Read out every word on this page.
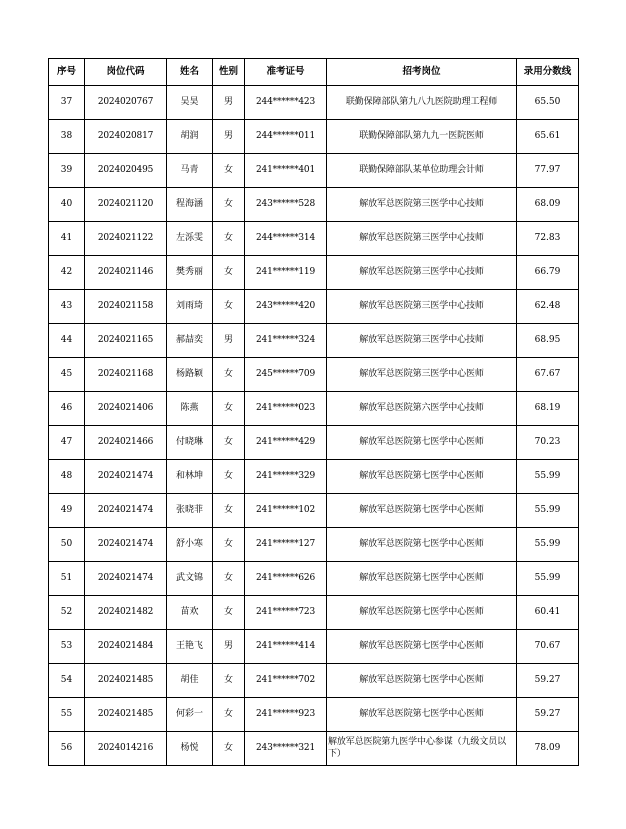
序号	岗位代码	姓名	性别	准考证号	招考岗位	录用分数线
37	2024020767	吴昊	男	244******423	联勤保障部队第九八九医院助理工程师	65.50
38	2024020817	胡润	男	244******011	联勤保障部队第九九一医院医师	65.61
39	2024020495	马青	女	241******401	联勤保障部队某单位助理会计师	77.97
40	2024021120	程海涵	女	243******528	解放军总医院第三医学中心技师	68.09
41	2024021122	左泺雯	女	244******314	解放军总医院第三医学中心技师	72.83
42	2024021146	樊秀丽	女	241******119	解放军总医院第三医学中心技师	66.79
43	2024021158	刘雨琦	女	243******420	解放军总医院第三医学中心技师	62.48
44	2024021165	郝喆奕	男	241******324	解放军总医院第三医学中心技师	68.95
45	2024021168	杨路颖	女	245******709	解放军总医院第三医学中心医师	67.67
46	2024021406	陈燕	女	241******023	解放军总医院第六医学中心技师	68.19
47	2024021466	付晓琳	女	241******429	解放军总医院第七医学中心医师	70.23
48	2024021474	和林坤	女	241******329	解放军总医院第七医学中心医师	55.99
49	2024021474	张晓菲	女	241******102	解放军总医院第七医学中心医师	55.99
50	2024021474	舒小寒	女	241******127	解放军总医院第七医学中心医师	55.99
51	2024021474	武文锦	女	241******626	解放军总医院第七医学中心医师	55.99
52	2024021482	苗欢	女	241******723	解放军总医院第七医学中心医师	60.41
53	2024021484	王艳飞	男	241******414	解放军总医院第七医学中心医师	70.67
54	2024021485	胡佳	女	241******702	解放军总医院第七医学中心医师	59.27
55	2024021485	何彩一	女	241******923	解放军总医院第七医学中心医师	59.27
56	2024014216	杨悦	女	243******321	解放军总医院第九医学中心参谋（九级文员以下）	78.09
